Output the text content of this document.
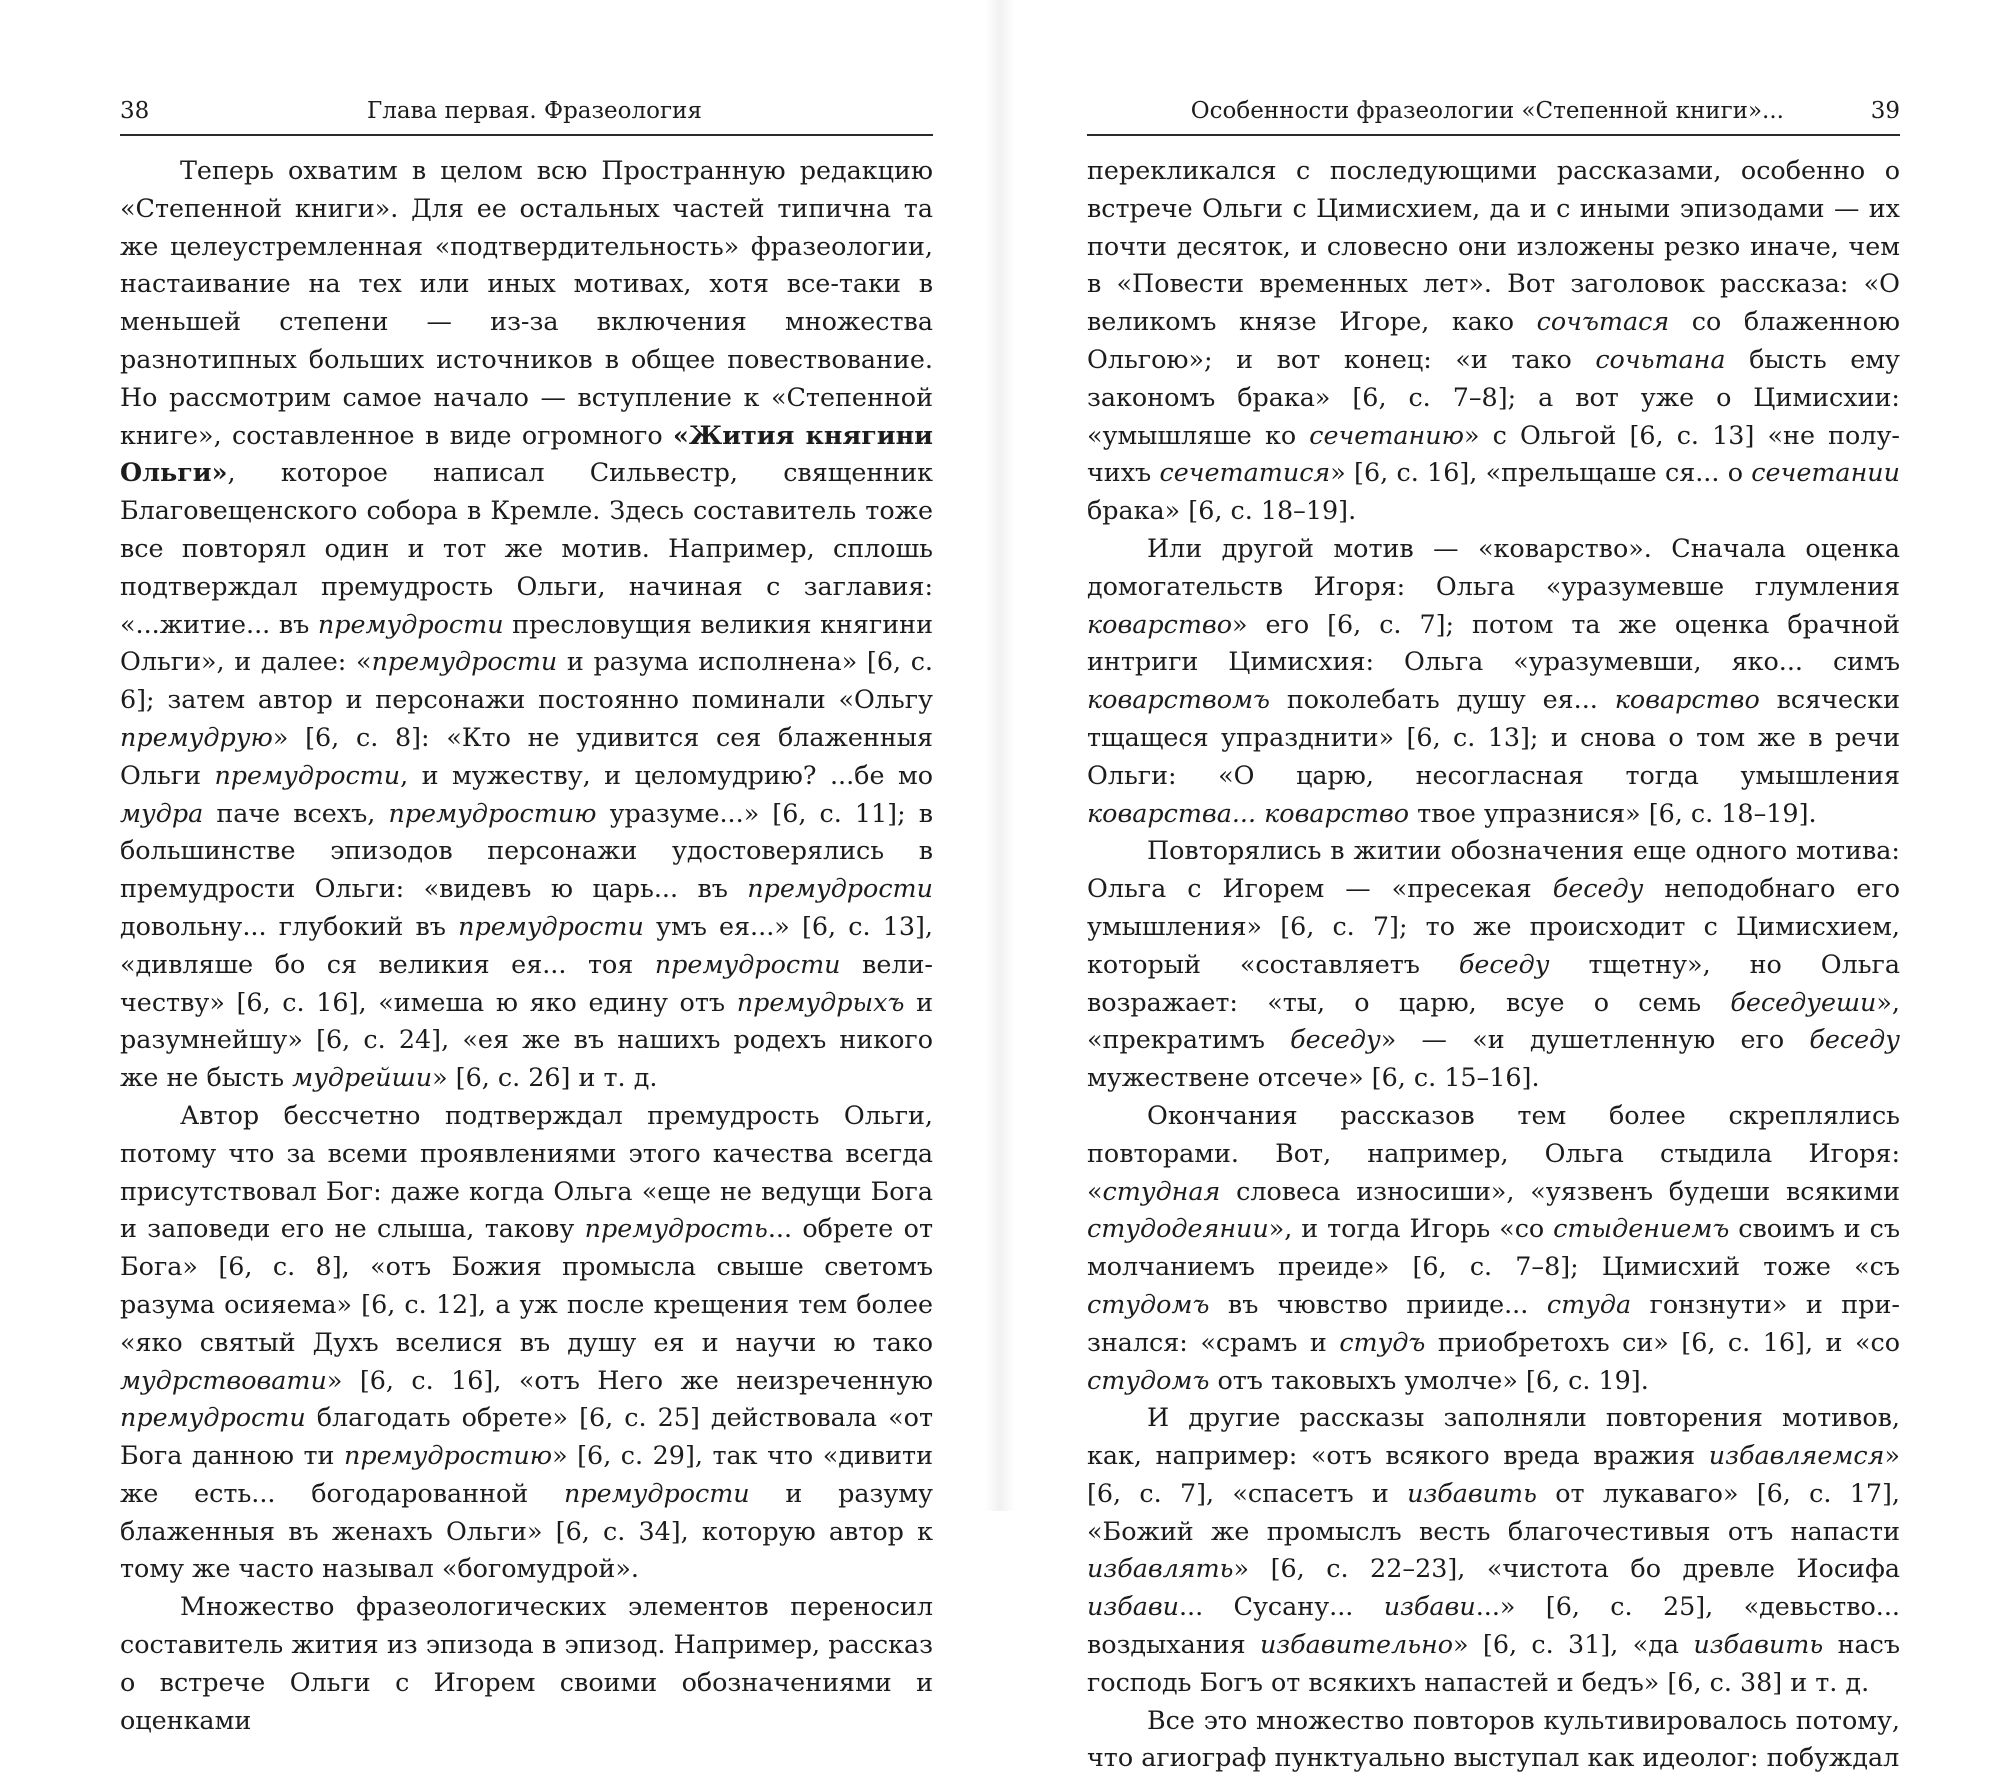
38	Глава первая. Фразеология

Теперь охватим в целом всю Пространную редакцию «Степенной книги». Для ее остальных частей типична та же целеустремленная «подтвердительность» фразеологии, настаивание на тех или иных мотивах, хотя все-таки в меньшей степени — из-за включения множества разнотипных больших источников в общее повествование. Но рассмотрим самое начало — вступление к «Степенной книге», составленное в виде огромного «Жития княгини Ольги», которое написал Сильвестр, священник Благовещенского собора в Кремле. Здесь составитель тоже все повторял один и тот же мотив. Например, сплошь подтверждал премудрость Ольги, начиная с заглавия: «...житие... въ премудрости пресловущия великия княгини Ольги», и далее: «премудрости и разума исполнена» [6, с. 6]; затем автор и персонажи постоянно поминали «Ольгу премудрую» [6, с. 8]: «Кто не удивится сея блаженныя Ольги премудрости, и мужеству, и целомудрию? ...бе мо мудра паче всехъ, премудростию уразуме...» [6, с. 11]; в большинстве эпизодов персонажи удостоверялись в премудрости Ольги: «видевъ ю царь... въ премудрости довольну... глубокий въ премудрости умъ ея...» [6, с. 13], «дивляше бо ся великия ея... тоя премудрости величеству» [6, с. 16], «имеша ю яко едину отъ премудрыхъ и разумнейшу» [6, с. 24], «ея же въ нашихъ родехъ никого же не бысть мудрейши» [6, с. 26] и т. д.

Автор бессчетно подтверждал премудрость Ольги, потому что за всеми проявлениями этого качества всегда присутствовал Бог: даже когда Ольга «еще не ведущи Бога и заповеди его не слыша, такову премудрость... обрете от Бога» [6, с. 8], «отъ Божия промысла свыше светомъ разума осияема» [6, с. 12], а уж после крещения тем более «яко святый Духъ вселися въ душу ея и научи ю тако мудрствовати» [6, с. 16], «отъ Него же неизреченную премудрости благодать обрете» [6, с. 25] действовала «от Бога данною ти премудростию» [6, с. 29], так что «дивити же есть... богодарованной премудрости и разуму блаженныя въ женахъ Ольги» [6, с. 34], которую автор к тому же часто называл «богомудрой».

Множество фразеологических элементов переносил составитель жития из эпизода в эпизод. Например, рассказ о встрече Ольги с Игорем своими обозначениями и оценками

Особенности фразеологии «Степенной книги»...	39

перекликался с последующими рассказами, особенно о встрече Ольги с Цимисхием, да и с иными эпизодами — их почти десяток, и словесно они изложены резко иначе, чем в «Повести временных лет». Вот заголовок рассказа: «О великомъ князе Игоре, како сочътася со блаженною Ольгою»; и вот конец: «и тако сочьтана бысть ему закономъ брака» [6, с. 7–8]; а вот уже о Цимисхии: «умышляше ко сечетанию» с Ольгой [6, с. 13] «не получихъ сечетатися» [6, с. 16], «прельщаше ся... о сечетании брака» [6, с. 18–19].

Или другой мотив — «коварство». Сначала оценка домогательств Игоря: Ольга «уразумевше глумления коварство» его [6, с. 7]; потом та же оценка брачной интриги Цимисхия: Ольга «уразумевши, яко... симъ коварствомъ поколебать душу ея... коварство всячески тщащеся упразднити» [6, с. 13]; и снова о том же в речи Ольги: «О царю, несогласная тогда умышления коварства... коварство твое упразнися» [6, с. 18–19].

Повторялись в житии обозначения еще одного мотива: Ольга с Игорем — «пресекая беседу неподобнаго его умышления» [6, с. 7]; то же происходит с Цимисхием, который «составляетъ беседу тщетну», но Ольга возражает: «ты, о царю, всуе о семь беседуеши», «прекратимъ беседу» — «и душетленную его беседу мужествене отсече» [6, с. 15–16].

Окончания рассказов тем более скреплялись повторами. Вот, например, Ольга стыдила Игоря: «студная словеса износиши», «уязвенъ будеши всякими студодеянии», и тогда Игорь «со стыдениемъ своимъ и съ молчаниемъ преиде» [6, с. 7–8]; Цимисхий тоже «съ студомъ въ чювство прииде... студа гонзнути» и признался: «срамъ и студъ приобретохъ си» [6, с. 16], и «со студомъ отъ таковыхъ умолче» [6, с. 19].

И другие рассказы заполняли повторения мотивов, как, например: «отъ всякого вреда вражия избавляемся» [6, с. 7], «спасетъ и избавить от лукаваго» [6, с. 17], «Божий же промыслъ весть благочестивыя отъ напасти избавлять» [6, с. 22–23], «чистота бо древле Иосифа избави... Сусану... избави...» [6, с. 25], «девьство... воздыхания избавительно» [6, с. 31], «да избавить насъ господь Богъ от всякихъ напастей и бедъ» [6, с. 38] и т. д.

Все это множество повторов культивировалось потому, что агиограф пунктуально выступал как идеолог: побуждал
